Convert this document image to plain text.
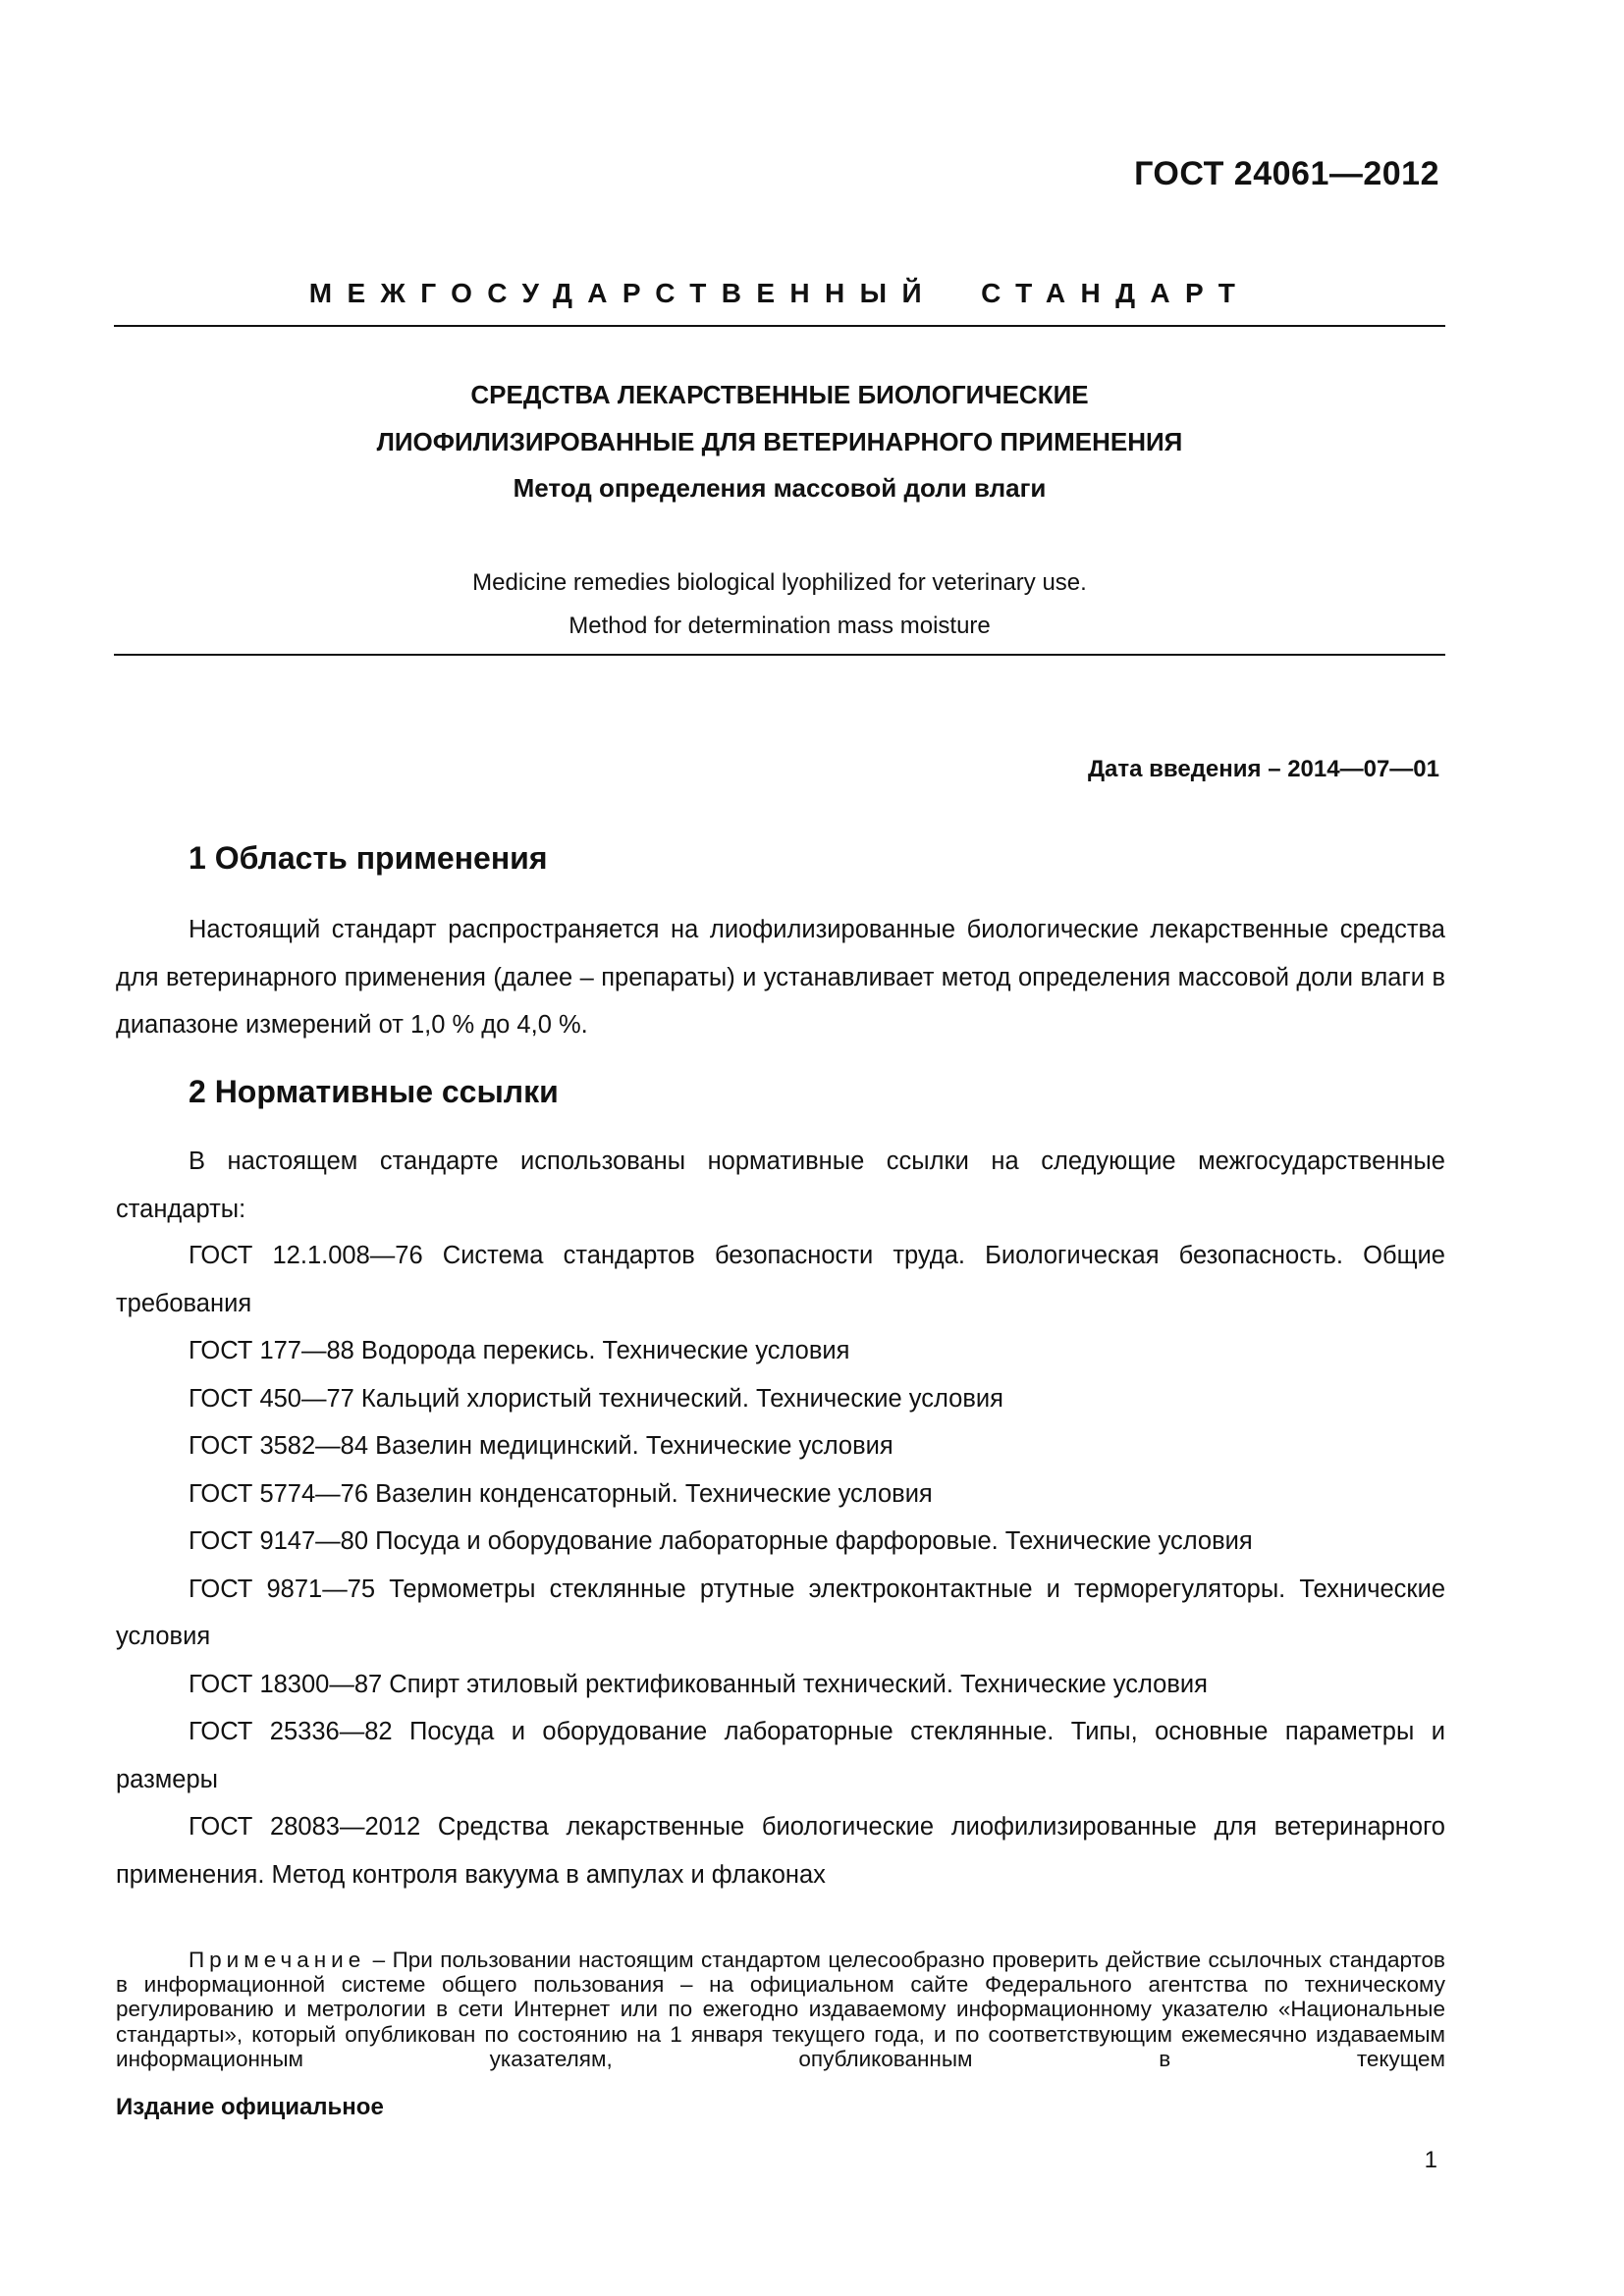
ГОСТ 24061—2012
МЕЖГОСУДАРСТВЕННЫЙ СТАНДАРТ
СРЕДСТВА ЛЕКАРСТВЕННЫЕ БИОЛОГИЧЕСКИЕ
ЛИОФИЛИЗИРОВАННЫЕ ДЛЯ ВЕТЕРИНАРНОГО ПРИМЕНЕНИЯ
Метод определения массовой доли влаги
Medicine remedies biological lyophilized for veterinary use.
Method for determination mass moisture
Дата введения – 2014—07—01
1 Область применения

Настоящий стандарт распространяется на лиофилизированные биологические лекарственные средства для ветеринарного применения (далее – препараты) и устанавливает метод определения массовой доли влаги в диапазоне измерений от 1,0 % до 4,0 %.

2 Нормативные ссылки

В настоящем стандарте использованы нормативные ссылки на следующие межгосударственные стандарты:

ГОСТ 12.1.008—76 Система стандартов безопасности труда. Биологическая безопасность. Общие требования

ГОСТ 177—88 Водорода перекись. Технические условия

ГОСТ 450—77 Кальций хлористый технический. Технические условия

ГОСТ 3582—84 Вазелин медицинский. Технические условия

ГОСТ 5774—76 Вазелин конденсаторный. Технические условия

ГОСТ 9147—80 Посуда и оборудование лабораторные фарфоровые. Технические условия

ГОСТ 9871—75 Термометры стеклянные ртутные электроконтактные и терморегуляторы. Технические условия

ГОСТ 18300—87 Спирт этиловый ректификованный технический. Технические условия

ГОСТ 25336—82 Посуда и оборудование лабораторные стеклянные. Типы, основные параметры и размеры

ГОСТ 28083—2012 Средства лекарственные биологические лиофилизированные для ветеринарного применения. Метод контроля вакуума в ампулах и флаконах

Примечание – При пользовании настоящим стандартом целесообразно проверить действие ссылочных стандартов в информационной системе общего пользования – на официальном сайте Федерального агентства по техническому регулированию и метрологии в сети Интернет или по ежегодно издаваемому информационному указателю «Национальные стандарты», который опубликован по состоянию на 1 января текущего года, и по соответствующим ежемесячно издаваемым информационным указателям, опубликованным в текущем

Издание официальное
1
